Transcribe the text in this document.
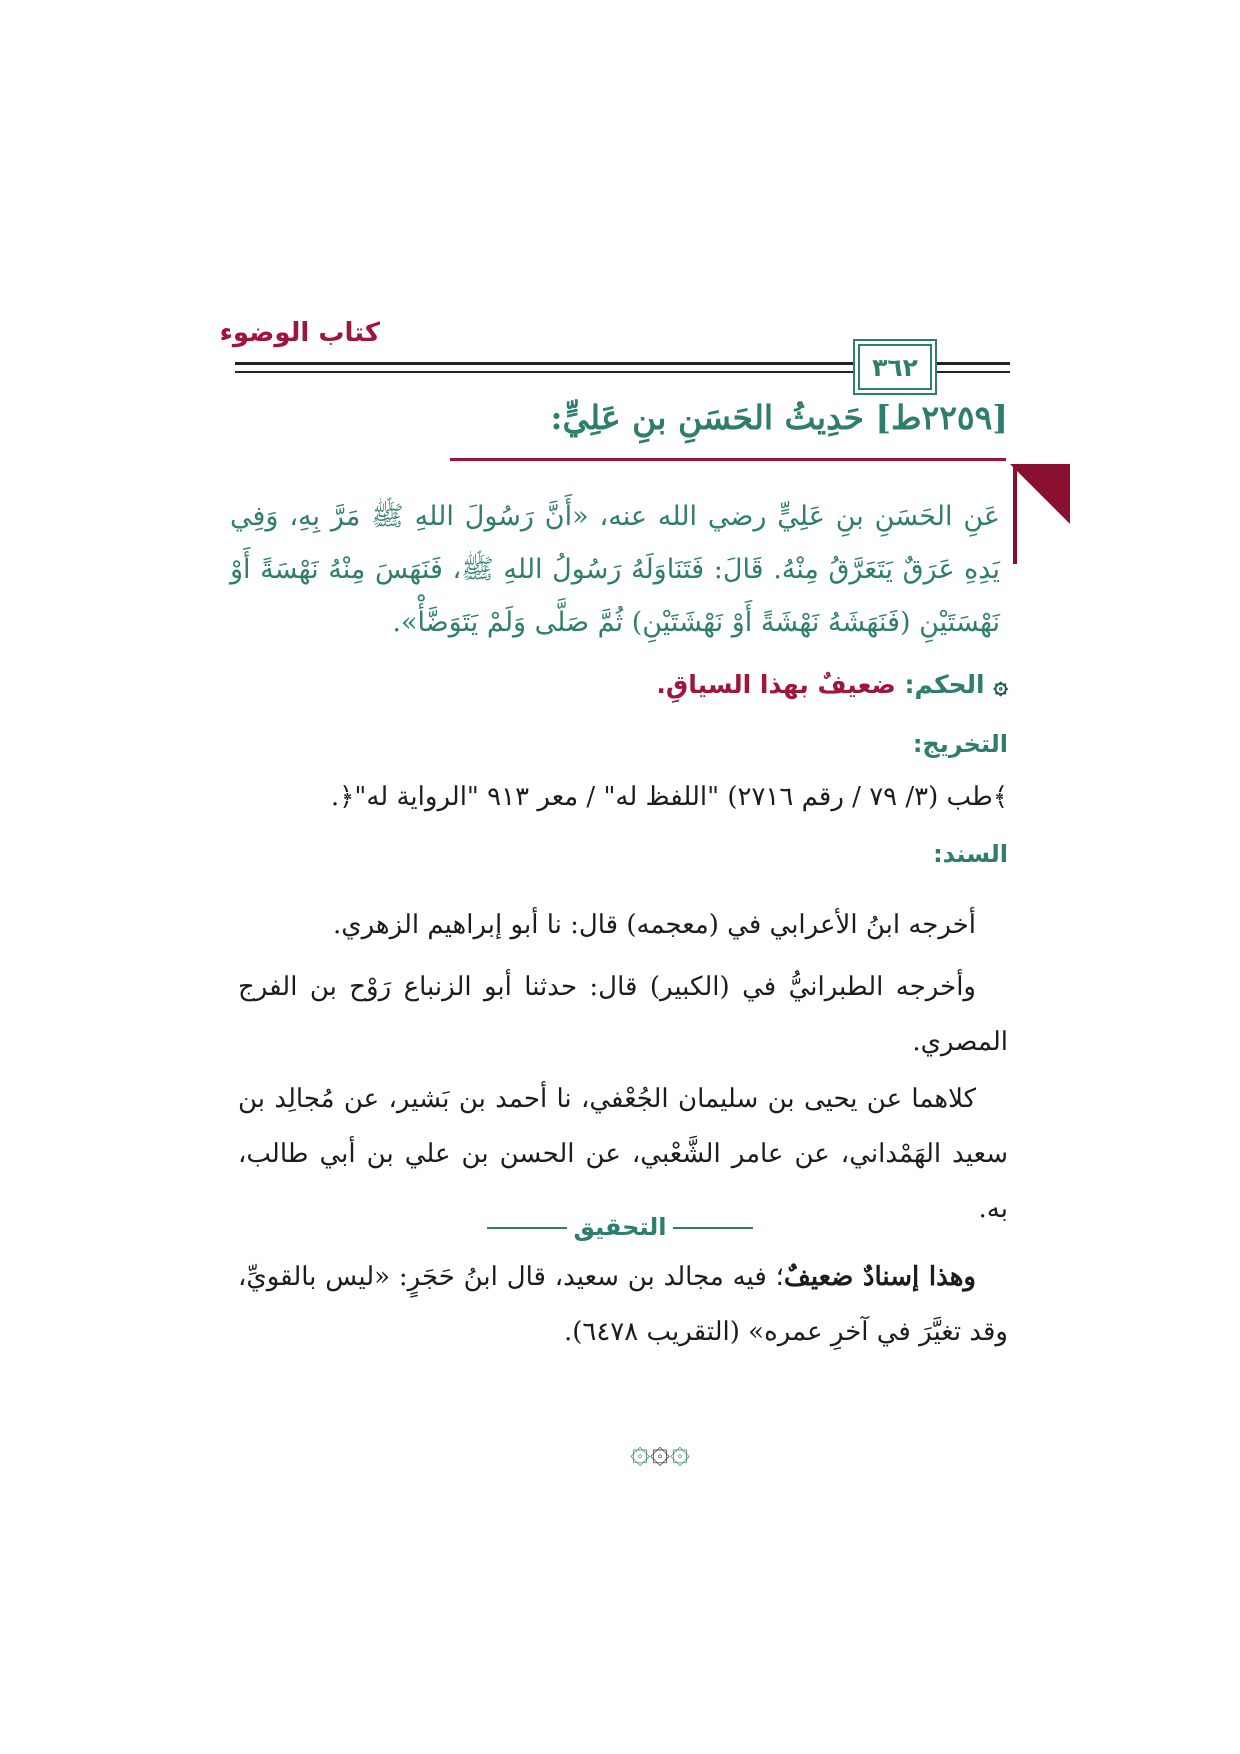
كتاب الوضوء
٣٦٢
[٢٢٥٩ط] حَدِيثُ الحَسَنِ بنِ عَلِيٍّ:
عَنِ الحَسَنِ بنِ عَلِيٍّ رضي الله عنه، «أَنَّ رَسُولَ اللهِ ﷺ مَرَّ بِهِ، وَفِي يَدِهِ عَرَقٌ يَتَعَرَّقُ مِنْهُ. قَالَ: فَتَنَاوَلَهُ رَسُولُ اللهِ ﷺ، فَنَهَسَ مِنْهُ نَهْسَةً أَوْ نَهْسَتَيْنِ (فَنَهَشَهُ نَهْشَةً أَوْ نَهْشَتَيْنِ) ثُمَّ صَلَّى وَلَمْ يَتَوَضَّأْ».
۞ الحكم: ضعيفٌ بهذا السياقِ.
التخريج:
﴾طب (٣/ ٧٩ / رقم ٢٧١٦) "اللفظ له" / معر ٩١٣ "الرواية له"﴿.
السند:
أخرجه ابنُ الأعرابي في (معجمه) قال: نا أبو إبراهيم الزهري.
وأخرجه الطبرانيُّ في (الكبير) قال: حدثنا أبو الزنباع رَوْح بن الفرج المصري.
كلاهما عن يحيى بن سليمان الجُعْفي، نا أحمد بن بَشير، عن مُجالِد بن سعيد الهَمْداني، عن عامر الشَّعْبي، عن الحسن بن علي بن أبي طالب، به.
التحقيق
وهذا إسنادٌ ضعيفٌ؛ فيه مجالد بن سعيد، قال ابنُ حَجَرٍ: «ليس بالقويِّ، وقد تغيَّرَ في آخرِ عمره» (التقريب ٦٤٧٨).
۞۞۞
